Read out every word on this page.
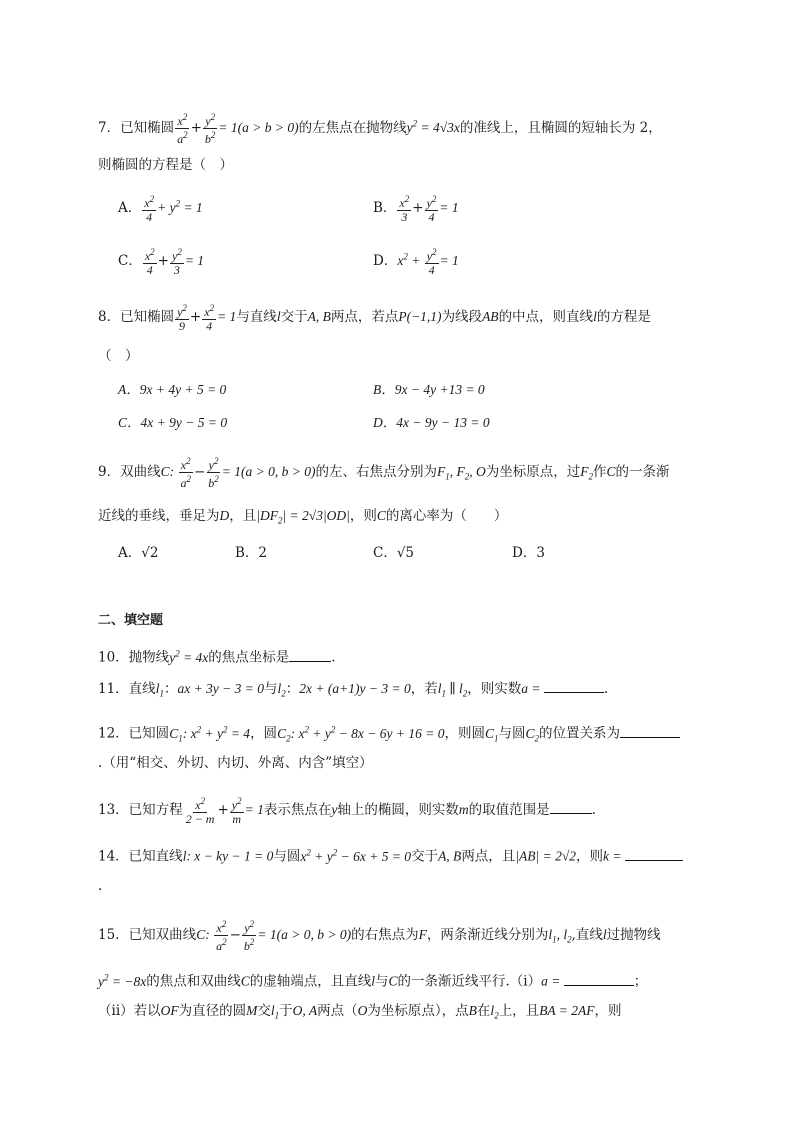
7．已知椭圆 $\frac{x^2}{a^2} + \frac{y^2}{b^2} = 1(a > b > 0)$的左焦点在抛物线$y^2 = 4√3x$的准线上，且椭圆的短轴长为 2，
则椭圆的方程是（　）
A． $\frac{x^2}{4} + y^2 = 1$	B． $\frac{x^2}{3} + \frac{y^2}{4} = 1$
C． $\frac{x^2}{4} + \frac{y^2}{3} = 1$	D．$x^2 + \frac{y^2}{4} = 1$
8．已知椭圆 $\frac{y^2}{9} + \frac{x^2}{4} = 1$与直线l交于A, B两点，若点P(−1,1)为线段AB的中点，则直线l的方程是
（　）
A．9x + 4y + 5 = 0	B．9x − 4y +13 = 0
C．4x + 9y − 5 = 0	D．4x − 9y − 13 = 0
9．双曲线C: $\frac{x^2}{a^2} - \frac{y^2}{b^2} = 1(a > 0$, b > 0)的左、右焦点分别为$F_1$, $F_2$, O为坐标原点，过$F_2$作C的一条渐
近线的垂线，垂足为D，且$|DF_2| = 2√3|OD|$，则C的离心率为（　　）
A．√2	B．2	C．√5	D．3
二、填空题
10．抛物线$y^2 = 4x$的焦点坐标是	.
11．直线$l_1$：ax + 3y − 3 = 0与$l_2$：2x + (a+1)y − 3 = 0，若$l_1$ ∥ $l_2$，则实数a =	.
12．已知圆$C_1$: $x^2 + y^2 = 4$，圆$C_2$: $x^2 + y^2 - 8x - 6y + 16 = 0$，则圆$C_1$与圆$C_2$的位置关系为
.（用“相交、外切、内切、外离、内含”填空）
13．已知方程 $\frac{x^2}{2 - m} + \frac{y^2}{m} = 1$表示焦点在y轴上的椭圆，则实数m的取值范围是	.
14．已知直线l: x − ky − 1 = 0与圆$x^2 + y^2 - 6x + 5 = 0$交于A, B两点，且|AB| = 2√2，则k =
.
15．已知双曲线C: $\frac{x^2}{a^2} - \frac{y^2}{b^2} = 1(a > 0$, b > 0)的右焦点为F，两条渐近线分别为$l_1$, $l_2$,直线l过抛物线
$y^2 = -8x$的焦点和双曲线C的虚轴端点，且直线l与C的一条渐近线平行.（i）a =	；
（ii）若以OF为直径的圆M交$l_1$于O, A两点（O为坐标原点），点B在$l_2$上，且BA = 2AF，则
